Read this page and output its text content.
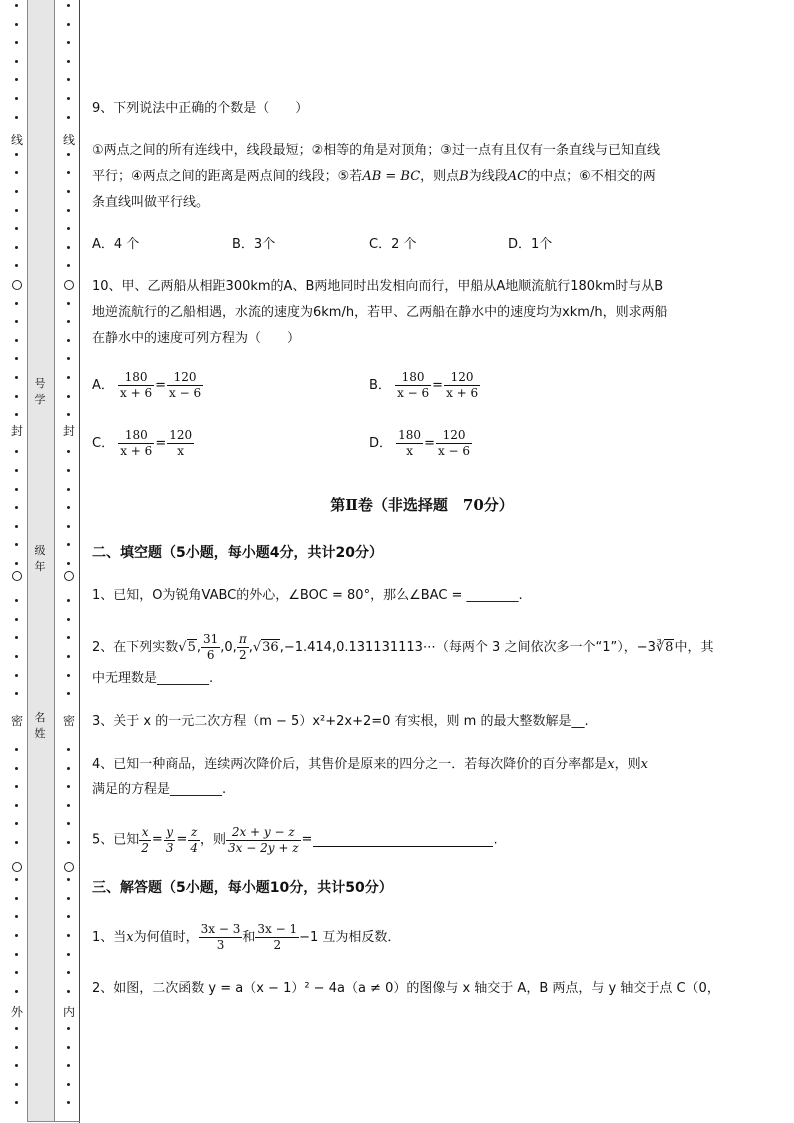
线
封
密
外
线
封
密
内
号学
级年
名姓
9、下列说法中正确的个数是（　　）
①两点之间的所有连线中，线段最短；②相等的角是对顶角；③过一点有且仅有一条直线与已知直线
平行；④两点之间的距离是两点间的线段；⑤若AB = BC，则点B为线段AC的中点；⑥不相交的两
条直线叫做平行线。
A．4 个	B．3个	C．2 个	D．1个
10、甲、乙两船从相距300km的A、B两地同时出发相向而行，甲船从A地顺流航行180km时与从B
地逆流航行的乙船相遇，水流的速度为6km/h，若甲、乙两船在静水中的速度均为xkm/h，则求两船
在静水中的速度可列方程为（　　）
A． $\frac{180}{x + 6} = \frac{120}{x - 6}$	B． $\frac{180}{x - 6} = \frac{120}{x + 6}$
C． $\frac{180}{x + 6} = \frac{120}{x}$	D． $\frac{180}{x} = \frac{120}{x - 6}$
第Ⅱ卷（非选择题　70分）
二、填空题（5小题，每小题4分，共计20分）
1、已知，O为锐角VABC的外心，∠BOC = 80°，那么∠BAC = ________.
2、在下列实数√5, $\frac{31}{6} ,0$, $\frac{\pi}{2}$ ,√36,−1.414,0.131131113⋯（每两个 3 之间依次多一个“1”），−3∛8中，其
中无理数是________.
3、关于 x 的一元二次方程（m − 5）x²+2x+2=0 有实根，则 m 的最大整数解是__.
4、已知一种商品，连续两次降价后，其售价是原来的四分之一．若每次降价的百分率都是x，则x
满足的方程是________.
5、已知 $\frac{x}{2} = \frac{y}{3} = \frac{z}{4}$ ，则 $\frac{2x + y - z}{3x - 2y + z}$ =	.
三、解答题（5小题，每小题10分，共计50分）
1、当x为何值时， $\frac{3x - 3}{3}$ 和 $\frac{3x - 1}{2} -1$ 互为相反数．
2、如图，二次函数 y = a（x − 1）² − 4a（a ≠ 0）的图像与 x 轴交于 A，B 两点，与 y 轴交于点 C（0，
